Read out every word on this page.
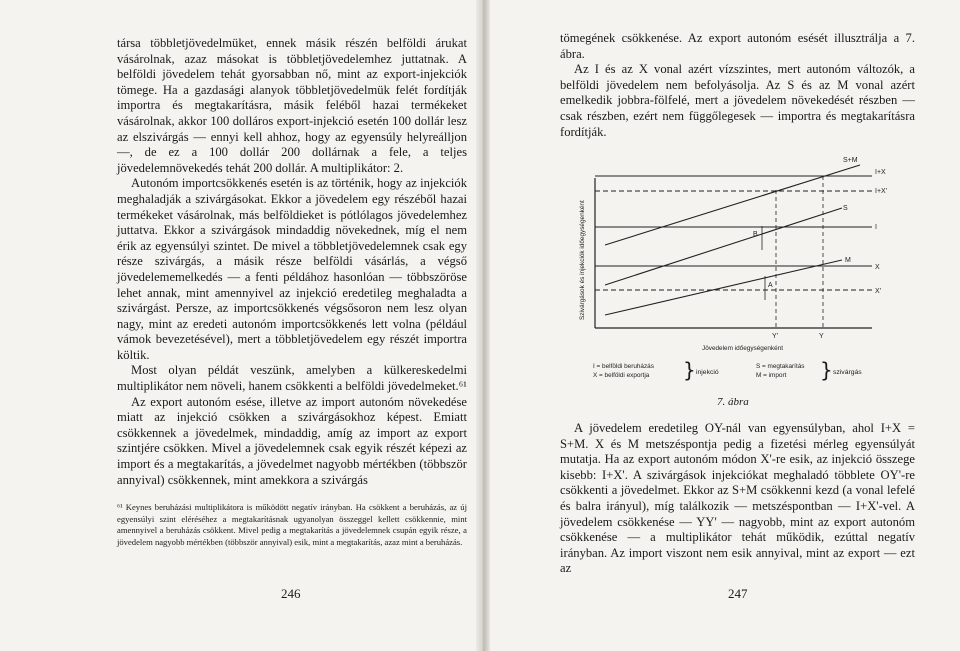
társa többletjövedelmüket, ennek másik részén belföldi árukat vásárolnak, azaz másokat is többletjövedelemhez juttatnak. A belföldi jövedelem tehát gyorsabban nő, mint az export-injekciók tömege. Ha a gazdasági alanyok többletjövedelmük felét fordítják importra és megtakarításra, másik feléből hazai termékeket vásárolnak, akkor 100 dolláros export-injekció esetén 100 dollár lesz az elszivárgás — ennyi kell ahhoz, hogy az egyensúly helyreálljon —, de ez a 100 dollár 200 dollárnak a fele, a teljes jövedelemnövekedés tehát 200 dollár. A multiplikátor: 2.

Autonóm importcsökkenés esetén is az történik, hogy az injekciók meghaladják a szivárgásokat. Ekkor a jövedelem egy részéből hazai termékeket vásárolnak, más belföldieket is pótlólagos jövedelemhez juttatva. Ekkor a szivárgások mindaddig növekednek, míg el nem érik az egyensúlyi szintet. De mivel a többletjövedelemnek csak egy része szivárgás, a másik része belföldi vásárlás, a végső jövedelememelkedés — a fenti példához hasonlóan — többszöröse lehet annak, mint amennyivel az injekció eredetileg meghaladta a szivárgást. Persze, az importcsökkenés végsősoron nem lesz olyan nagy, mint az eredeti autonóm importcsökkenés lett volna (például vámok bevezetésével), mert a többletjövedelem egy részét importra költik.

Most olyan példát veszünk, amelyben a külkereskedelmi multiplikátor nem növeli, hanem csökkenti a belföldi jövedelmeket.⁶¹

Az export autonóm esése, illetve az import autonóm növekedése miatt az injekció csökken a szivárgásokhoz képest. Emiatt csökkennek a jövedelmek, mindaddig, amíg az import az export szintjére csökken. Mivel a jövedelemnek csak egyik részét képezi az import és a megtakarítás, a jövedelmet nagyobb mértékben (többször annyival) csökkennek, mint amekkora a szivárgás

⁶¹ Keynes beruházási multiplikátora is működött negatív irányban. Ha csökkent a beruházás, az új egyensúlyi szint eléréséhez a megtakarításnak ugyanolyan összeggel kellett csökkennie, mint amennyivel a beruházás csökkent. Mivel pedig a megtakarítás a jövedelemnek csupán egyik része, a jövedelem nagyobb mértékben (többször annyival) esik, mint a megtakarítás, azaz mint a beruházás.

246

tömegének csökkenése. Az export autonóm esését illusztrálja a 7. ábra.

Az I és az X vonal azért vízszintes, mert autonóm változók, a belföldi jövedelem nem befolyásolja. Az S és az M vonal azért emelkedik jobbra-fölfelé, mert a jövedelem növekedését részben — csak részben, ezért nem függőlegesek — importra és megtakarításra fordítják.

A jövedelem eredetileg OY-nál van egyensúlyban, ahol I+X = S+M. X és M metszéspontja pedig a fizetési mérleg egyensúlyát mutatja. Ha az export autonóm módon X'-re esik, az injekció összege kisebb: I+X'. A szivárgások injekciókat meghaladó többlete OY'-re csökkenti a jövedelmet. Ekkor az S+M csökkenni kezd (a vonal lefelé és balra irányul), míg találkozik — metszéspontban — I+X'-vel. A jövedelem csökkenése — YY' — nagyobb, mint az export autonóm csökkenése — a multiplikátor tehát működik, ezúttal negatív irányban. Az import viszont nem esik annyival, mint az export — ezt az

247
Szivárgások és injekciók időegységenként
S+M
I+X
I+X'
S
I
M
X
X'
B
A
Y'	Y
Jövedelem időegységenként
I = belföldi beruházás
X = belföldi exportja } injekció
S = megtakarítás
M = import	} szivárgás
7. ábra
